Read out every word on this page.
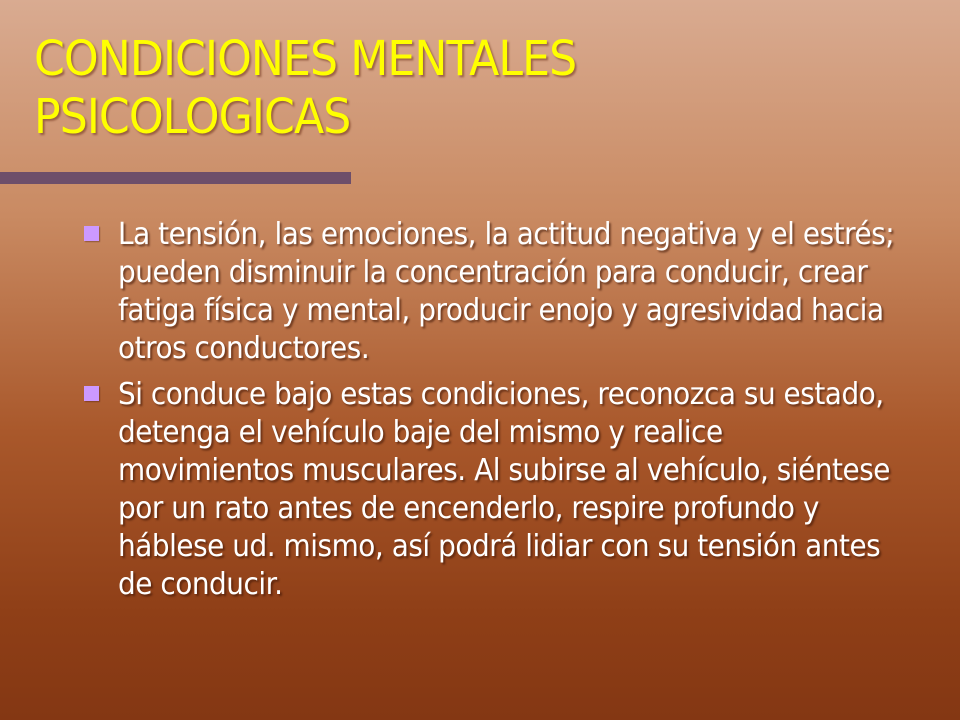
CONDICIONES MENTALES
PSICOLOGICAS
La tensión, las emociones, la actitud negativa y el estrés; pueden disminuir la concentración para conducir, crear fatiga física y mental, producir enojo y agresividad hacia otros conductores.
Si conduce bajo estas condiciones, reconozca su estado, detenga el vehículo baje del mismo y realice movimientos musculares. Al subirse al vehículo, siéntese por un rato antes de encenderlo, respire profundo y háblese ud. mismo, así podrá lidiar con su tensión antes de conducir.
